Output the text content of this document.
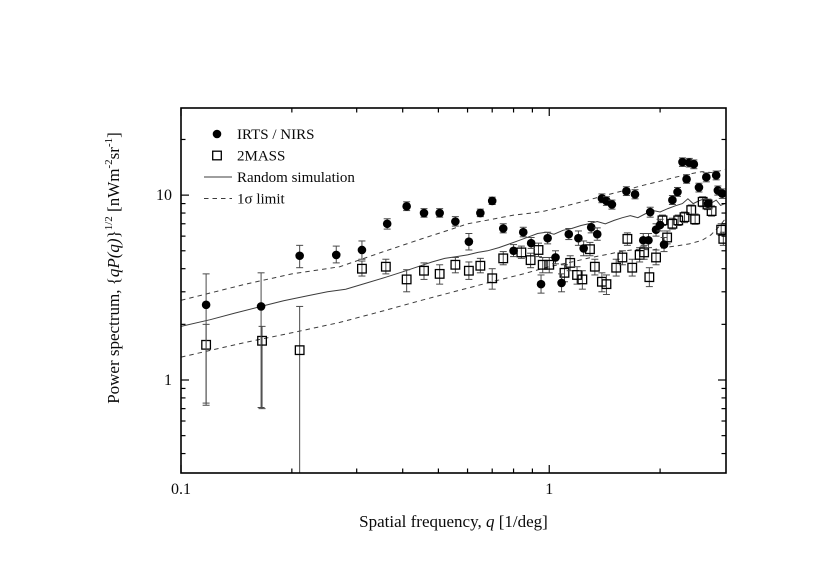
0.1	1
1
10
Spatial frequency, q [1/deg]
Power spectrum, $\{qP(q)\}^{1/2}$ $[nWm^{-2}sr^{-1}]$	IRTS / NIRS
2MASS
Random simulation
1σ limit
